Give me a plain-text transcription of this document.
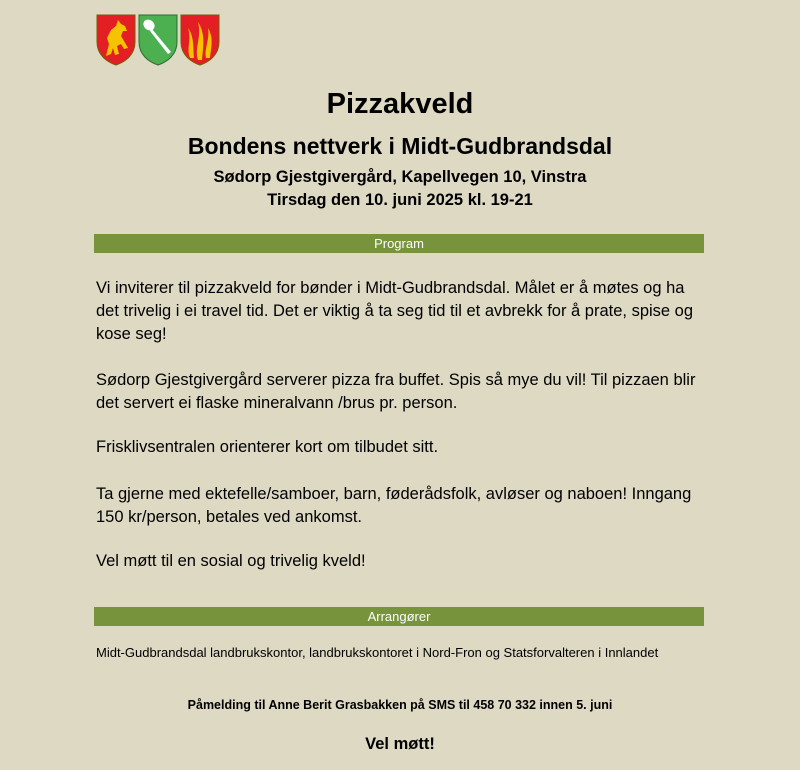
Pizzakveld
Bondens nettverk i Midt-Gudbrandsdal

Sødorp Gjestgivergård, Kapellvegen 10, Vinstra

Tirsdag den 10. juni 2025 kl. 19-21

Program

Vi inviterer til pizzakveld for bønder i Midt-Gudbrandsdal. Målet er å møtes og ha det trivelig i ei travel tid. Det er viktig å ta seg tid til et avbrekk for å prate, spise og kose seg!

Sødorp Gjestgivergård serverer pizza fra buffet. Spis så mye du vil! Til pizzaen blir det servert ei flaske mineralvann /brus pr. person.

Frisklivsentralen orienterer kort om tilbudet sitt.

Ta gjerne med ektefelle/samboer, barn, føderådsfolk, avløser og naboen! Inngang 150 kr/person, betales ved ankomst.

Vel møtt til en sosial og trivelig kveld!

Arrangører

Midt-Gudbrandsdal landbrukskontor, landbrukskontoret i Nord-Fron og Statsforvalteren i Innlandet

Påmelding til Anne Berit Grasbakken på SMS til 458 70 332 innen 5. juni

Vel møtt!
